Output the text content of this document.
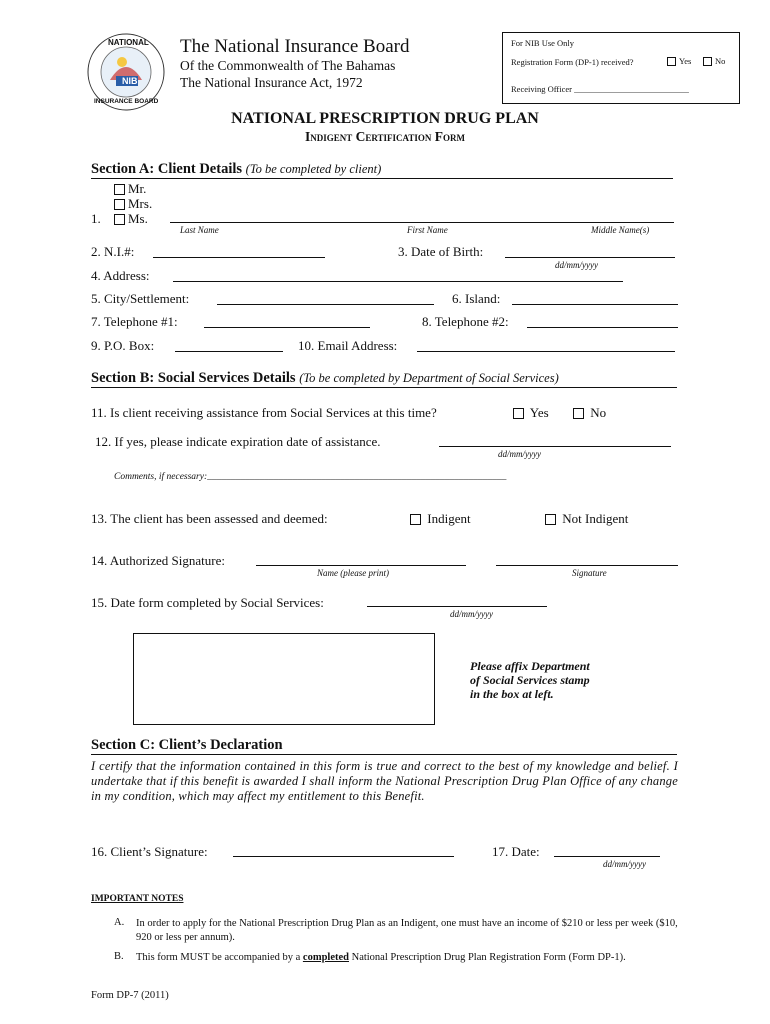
NATIONAL
NIB
INSURANCE BOARD
The National Insurance Board
Of the Commonwealth of The Bahamas
The National Insurance Act, 1972
For NIB Use Only
Registration Form (DP-1) received?	Yes	No
Receiving Officer ___________________________
NATIONAL PRESCRIPTION DRUG PLAN
Indigent Certification Form
Section A: Client Details (To be completed by client)
Mr.
Mrs.
1.	Ms.
Last Name	First Name	Middle Name(s)
2. N.I.#:	3. Date of Birth:
dd/mm/yyyy
4. Address:
5. City/Settlement:	6. Island:
7. Telephone #1:	8. Telephone #2:
9. P.O. Box:	10. Email Address:
Section B: Social Services Details (To be completed by Department of Social Services)
11. Is client receiving assistance from Social Services at this time?	Yes	No
12. If yes, please indicate expiration date of assistance.
dd/mm/yyyy
Comments, if necessary:_______________________________________________________________
13. The client has been assessed and deemed:	Indigent	Not Indigent
14. Authorized Signature:
Name (please print)	Signature
15. Date form completed by Social Services:
dd/mm/yyyy
Please affix Department
of Social Services stamp
in the box at left.
Section C: Client’s Declaration
I certify that the information contained in this form is true and correct to the best of my knowledge and belief. I undertake that if this benefit is awarded I shall inform the National Prescription Drug Plan Office of any change in my condition, which may affect my entitlement to this Benefit.
16. Client’s Signature:	17. Date:
dd/mm/yyyy
IMPORTANT NOTES
A. In order to apply for the National Prescription Drug Plan as an Indigent, one must have an income of $210 or less per week ($10, 920 or less per annum).
B. This form MUST be accompanied by a completed National Prescription Drug Plan Registration Form (Form DP-1).
Form DP-7 (2011)
